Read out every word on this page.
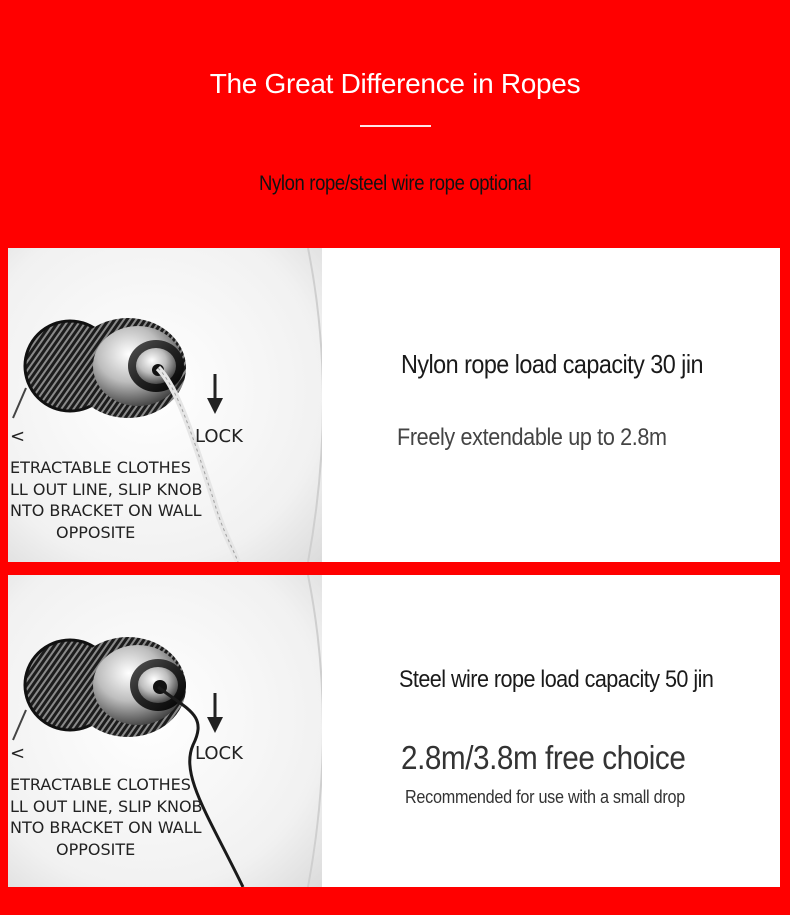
The Great Difference in Ropes
Nylon rope/steel wire rope optional
LOCK
<
ETRACTABLE CLOTHES
LL OUT LINE, SLIP KNOB
NTO BRACKET ON WALL
OPPOSITE
Nylon rope load capacity 30 jin
Freely extendable up to 2.8m
LOCK
<
ETRACTABLE CLOTHES
LL OUT LINE, SLIP KNOB
NTO BRACKET ON WALL
OPPOSITE
Steel wire rope load capacity 50 jin
2.8m/3.8m free choice
Recommended for use with a small drop
